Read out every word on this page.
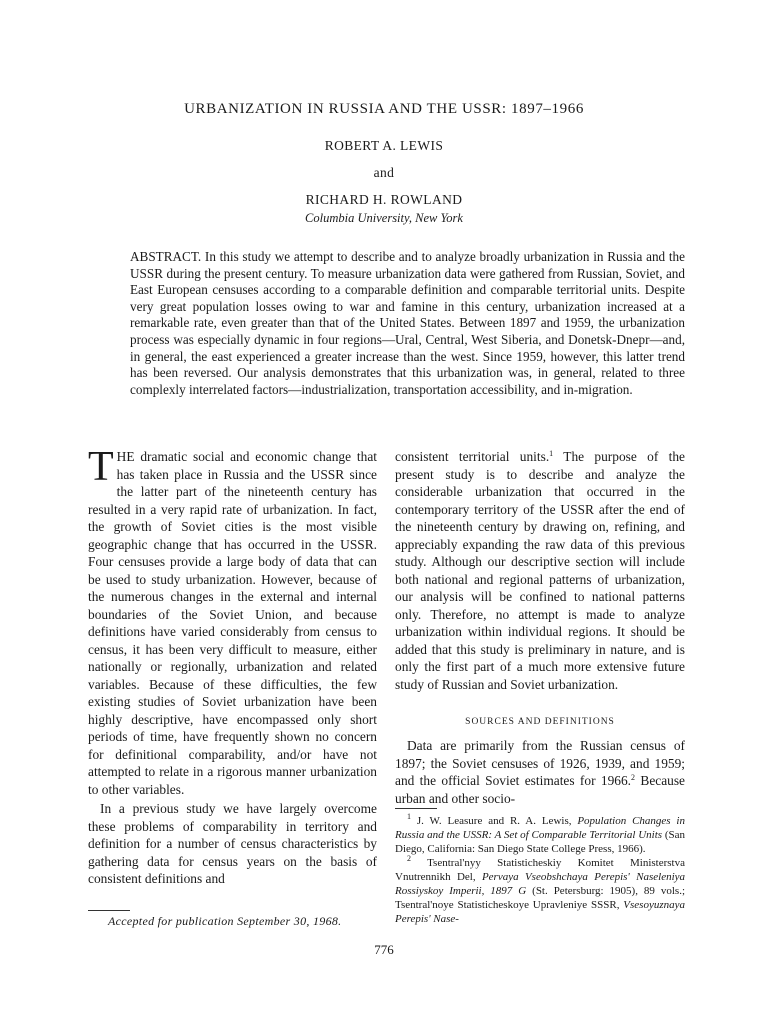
URBANIZATION IN RUSSIA AND THE USSR: 1897–1966
ROBERT A. LEWIS
and
RICHARD H. ROWLAND
Columbia University, New York
ABSTRACT. In this study we attempt to describe and to analyze broadly urbanization in Russia and the USSR during the present century. To measure urbanization data were gathered from Russian, Soviet, and East European censuses according to a comparable definition and comparable territorial units. Despite very great population losses owing to war and famine in this century, urbanization increased at a remarkable rate, even greater than that of the United States. Between 1897 and 1959, the urbanization process was especially dynamic in four regions—Ural, Central, West Siberia, and Donetsk-Dnepr—and, in general, the east experienced a greater increase than the west. Since 1959, however, this latter trend has been reversed. Our analysis demonstrates that this urbanization was, in general, related to three complexly interrelated factors—industrialization, transportation accessibility, and in-migration.
T HE dramatic social and economic change that has taken place in Russia and the USSR since the latter part of the nineteenth century has resulted in a very rapid rate of urbanization. In fact, the growth of Soviet cities is the most visible geographic change that has occurred in the USSR. Four censuses provide a large body of data that can be used to study urbanization. However, because of the numerous changes in the external and internal boundaries of the Soviet Union, and because definitions have varied considerably from census to census, it has been very difficult to measure, either nationally or regionally, urbanization and related variables. Because of these difficulties, the few existing studies of Soviet urbanization have been highly descriptive, have encompassed only short periods of time, have frequently shown no concern for definitional comparability, and/or have not attempted to relate in a rigorous manner urbanization to other variables.

In a previous study we have largely overcome these problems of comparability in territory and definition for a number of census characteristics by gathering data for census years on the basis of consistent definitions and

Accepted for publication September 30, 1968.

consistent territorial units.$^1$ The purpose of the present study is to describe and analyze the considerable urbanization that occurred in the contemporary territory of the USSR after the end of the nineteenth century by drawing on, refining, and appreciably expanding the raw data of this previous study. Although our descriptive section will include both national and regional patterns of urbanization, our analysis will be confined to national patterns only. Therefore, no attempt is made to analyze urbanization within individual regions. It should be added that this study is preliminary in nature, and is only the first part of a much more extensive future study of Russian and Soviet urbanization.

SOURCES AND DEFINITIONS

Data are primarily from the Russian census of 1897; the Soviet censuses of 1926, 1939, and 1959; and the official Soviet estimates for 1966.$^2$ Because urban and other socio-

$^1$ J. W. Leasure and R. A. Lewis, Population Changes in Russia and the USSR: A Set of Comparable Territorial Units (San Diego, California: San Diego State College Press, 1966).

$^2$ Tsentral'nyy Statisticheskiy Komitet Ministerstva Vnutrennikh Del, Pervaya Vseobshchaya Perepis' Naseleniya Rossiyskoy Imperii, 1897 G (St. Petersburg: 1905), 89 vols.; Tsentral'noye Statisticheskoye Upravleniye SSSR, Vsesoyuznaya Perepis' Nase-

776
